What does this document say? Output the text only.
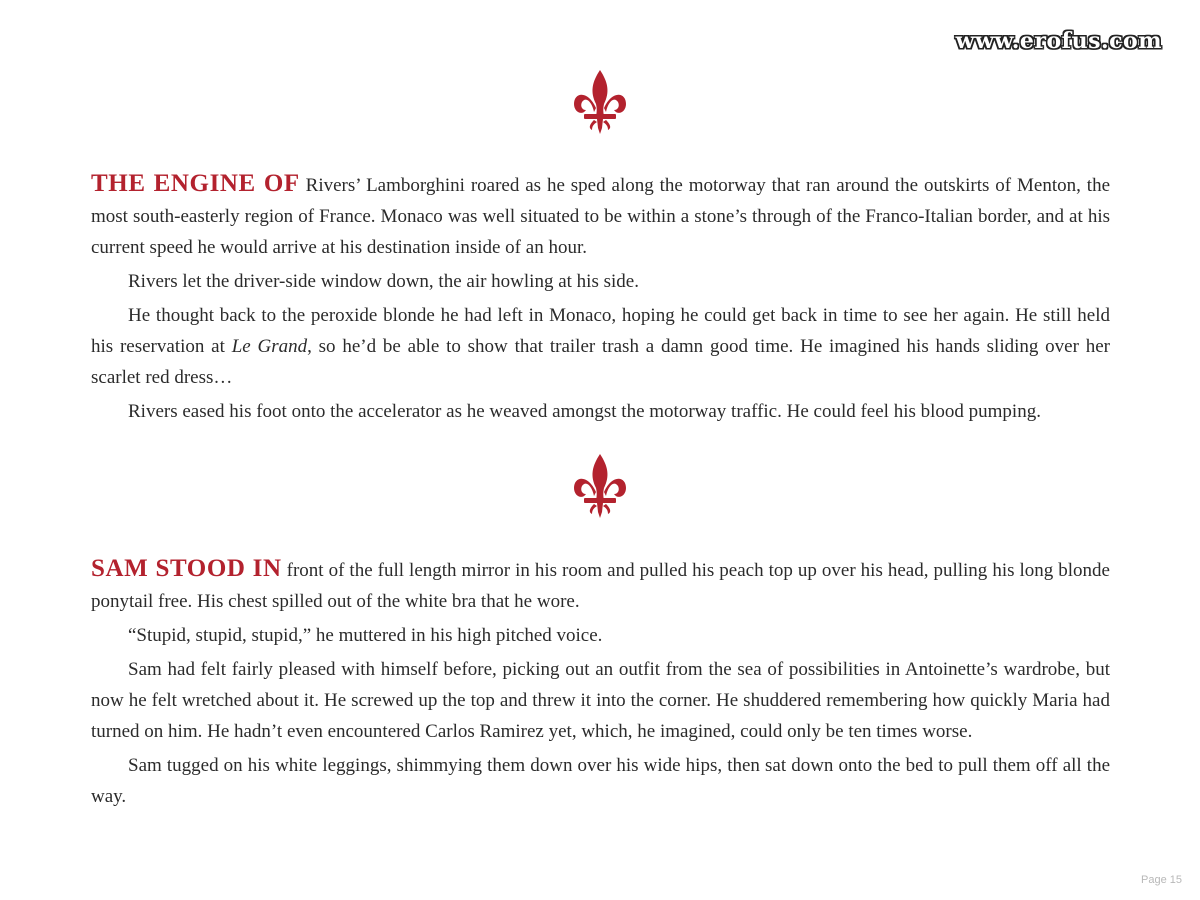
www.erofus.com

THE ENGINE OF Rivers’ Lamborghini roared as he sped along the motorway that ran around the outskirts of Menton, the most south-easterly region of France. Monaco was well situated to be within a stone’s through of the Franco-Italian border, and at his current speed he would arrive at his destination inside of an hour.

Rivers let the driver-side window down, the air howling at his side.

He thought back to the peroxide blonde he had left in Monaco, hoping he could get back in time to see her again. He still held his reservation at Le Grand, so he’d be able to show that trailer trash a damn good time. He imagined his hands sliding over her scarlet red dress…

Rivers eased his foot onto the accelerator as he weaved amongst the motorway traffic. He could feel his blood pumping.

SAM STOOD IN front of the full length mirror in his room and pulled his peach top up over his head, pulling his long blonde ponytail free. His chest spilled out of the white bra that he wore.

“Stupid, stupid, stupid,” he muttered in his high pitched voice.

Sam had felt fairly pleased with himself before, picking out an outfit from the sea of possibilities in Antoinette’s wardrobe, but now he felt wretched about it. He screwed up the top and threw it into the corner. He shuddered remembering how quickly Maria had turned on him. He hadn’t even encountered Carlos Ramirez yet, which, he imagined, could only be ten times worse.

Sam tugged on his white leggings, shimmying them down over his wide hips, then sat down onto the bed to pull them off all the way.

Page 15
